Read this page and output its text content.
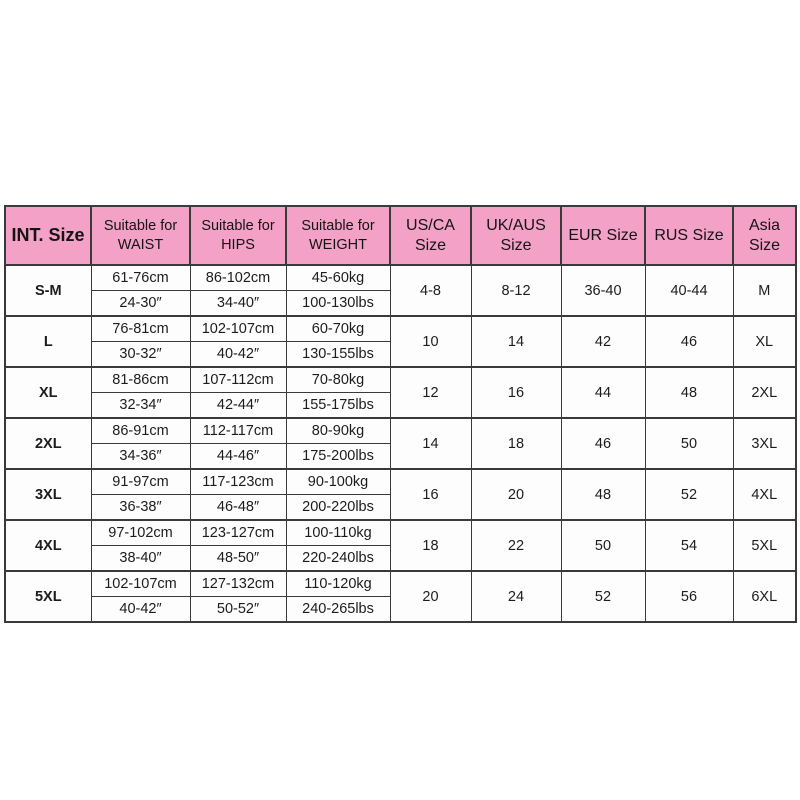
INT. Size	Suitable for WAIST	Suitable for HIPS	Suitable for WEIGHT	US/CA Size	UK/AUS Size	EUR Size	RUS Size	Asia Size
S-M	61-76cm	86-102cm	45-60kg	4-8	8-12	36-40	40-44	M
	24-30″	34-40″	100-130lbs					
L	76-81cm	102-107cm	60-70kg	10	14	42	46	XL
	30-32″	40-42″	130-155lbs					
XL	81-86cm	107-112cm	70-80kg	12	16	44	48	2XL
	32-34″	42-44″	155-175lbs					
2XL	86-91cm	112-117cm	80-90kg	14	18	46	50	3XL
	34-36″	44-46″	175-200lbs					
3XL	91-97cm	117-123cm	90-100kg	16	20	48	52	4XL
	36-38″	46-48″	200-220lbs					
4XL	97-102cm	123-127cm	100-110kg	18	22	50	54	5XL
	38-40″	48-50″	220-240lbs					
5XL	102-107cm	127-132cm	110-120kg	20	24	52	56	6XL
	40-42″	50-52″	240-265lbs					
